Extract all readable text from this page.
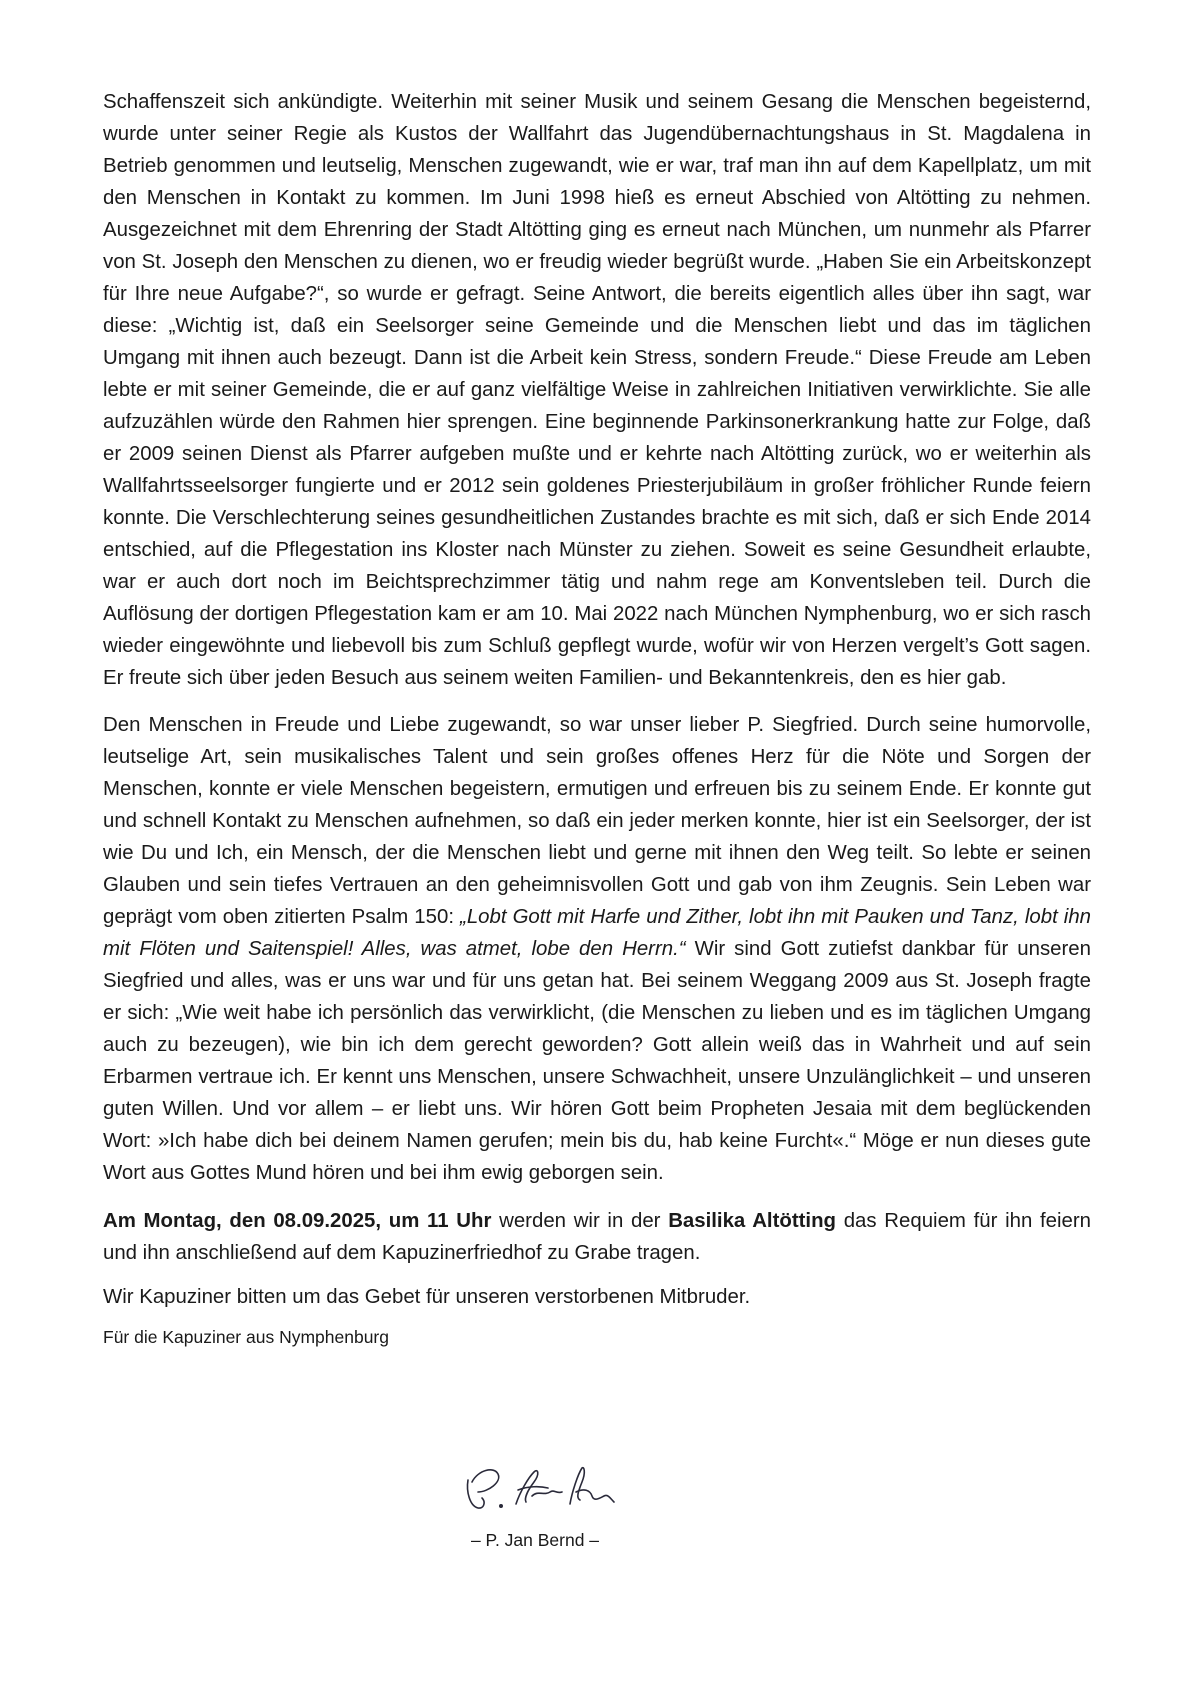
Schaffenszeit sich ankündigte. Weiterhin mit seiner Musik und seinem Gesang die Menschen begeisternd, wurde unter seiner Regie als Kustos der Wallfahrt das Jugendübernachtungshaus in St. Magdalena in Betrieb genommen und leutselig, Menschen zugewandt, wie er war, traf man ihn auf dem Kapellplatz, um mit den Menschen in Kontakt zu kommen. Im Juni 1998 hieß es erneut Abschied von Altötting zu nehmen. Ausgezeichnet mit dem Ehrenring der Stadt Altötting ging es erneut nach München, um nunmehr als Pfarrer von St. Joseph den Menschen zu dienen, wo er freudig wieder begrüßt wurde. „Haben Sie ein Arbeitskonzept für Ihre neue Aufgabe?“, so wurde er gefragt. Seine Antwort, die bereits eigentlich alles über ihn sagt, war diese: „Wichtig ist, daß ein Seelsorger seine Gemeinde und die Menschen liebt und das im täglichen Umgang mit ihnen auch bezeugt. Dann ist die Arbeit kein Stress, sondern Freude.“ Diese Freude am Leben lebte er mit seiner Gemeinde, die er auf ganz vielfältige Weise in zahlreichen Initiativen verwirklichte. Sie alle aufzuzählen würde den Rahmen hier sprengen. Eine beginnende Parkinsonerkrankung hatte zur Folge, daß er 2009 seinen Dienst als Pfarrer aufgeben mußte und er kehrte nach Altötting zurück, wo er weiterhin als Wallfahrtsseelsorger fungierte und er 2012 sein goldenes Priesterjubiläum in großer fröhlicher Runde feiern konnte. Die Verschlechterung seines gesundheitlichen Zustandes brachte es mit sich, daß er sich Ende 2014 entschied, auf die Pflegestation ins Kloster nach Münster zu ziehen. Soweit es seine Gesundheit erlaubte, war er auch dort noch im Beichtsprechzimmer tätig und nahm rege am Konventsleben teil. Durch die Auflösung der dortigen Pflegestation kam er am 10. Mai 2022 nach München Nymphenburg, wo er sich rasch wieder eingewöhnte und liebevoll bis zum Schluß gepflegt wurde, wofür wir von Herzen vergelt’s Gott sagen. Er freute sich über jeden Besuch aus seinem weiten Familien- und Bekanntenkreis, den es hier gab.

Den Menschen in Freude und Liebe zugewandt, so war unser lieber P. Siegfried. Durch seine humorvolle, leutselige Art, sein musikalisches Talent und sein großes offenes Herz für die Nöte und Sorgen der Menschen, konnte er viele Menschen begeistern, ermutigen und erfreuen bis zu seinem Ende. Er konnte gut und schnell Kontakt zu Menschen aufnehmen, so daß ein jeder merken konnte, hier ist ein Seelsorger, der ist wie Du und Ich, ein Mensch, der die Menschen liebt und gerne mit ihnen den Weg teilt. So lebte er seinen Glauben und sein tiefes Vertrauen an den geheimnisvollen Gott und gab von ihm Zeugnis. Sein Leben war geprägt vom oben zitierten Psalm 150: „Lobt Gott mit Harfe und Zither, lobt ihn mit Pauken und Tanz, lobt ihn mit Flöten und Saitenspiel! Alles, was atmet, lobe den Herrn.“ Wir sind Gott zutiefst dankbar für unseren Siegfried und alles, was er uns war und für uns getan hat. Bei seinem Weggang 2009 aus St. Joseph fragte er sich: „Wie weit habe ich persönlich das verwirklicht, (die Menschen zu lieben und es im täglichen Umgang auch zu bezeugen), wie bin ich dem gerecht geworden? Gott allein weiß das in Wahrheit und auf sein Erbarmen vertraue ich. Er kennt uns Menschen, unsere Schwachheit, unsere Unzulänglichkeit – und unseren guten Willen. Und vor allem – er liebt uns. Wir hören Gott beim Propheten Jesaia mit dem beglückenden Wort: »Ich habe dich bei deinem Namen gerufen; mein bis du, hab keine Furcht«.“ Möge er nun dieses gute Wort aus Gottes Mund hören und bei ihm ewig geborgen sein.

Am Montag, den 08.09.2025, um 11 Uhr werden wir in der Basilika Altötting das Requiem für ihn feiern und ihn anschließend auf dem Kapuzinerfriedhof zu Grabe tragen.

Wir Kapuziner bitten um das Gebet für unseren verstorbenen Mitbruder.

Für die Kapuziner aus Nymphenburg

– P. Jan Bernd –
